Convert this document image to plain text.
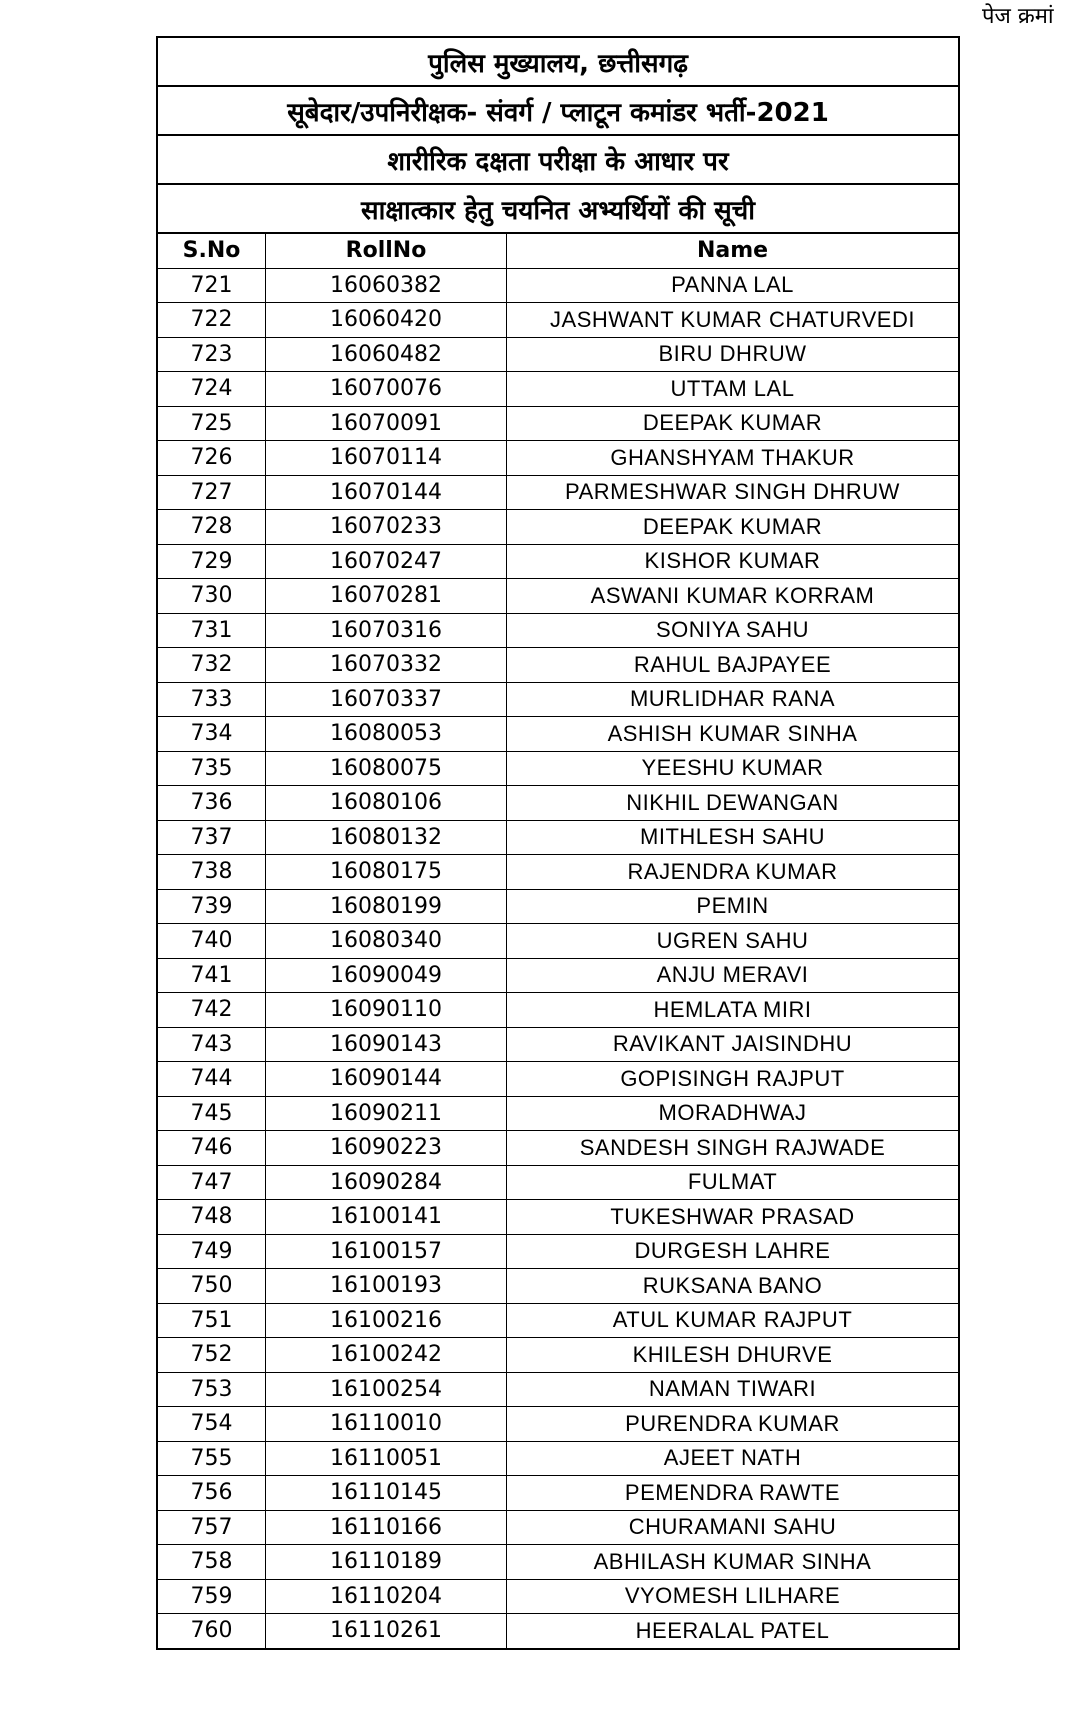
पेज क्रमां
पुलिस मुख्यालय, छत्तीसगढ़
सूबेदार/उपनिरीक्षक- संवर्ग / प्लाटून कमांडर भर्ती-2021
शारीरिक दक्षता परीक्षा के आधार पर
साक्षात्कार हेतु चयनित अभ्यर्थियों की सूची
S.No	RollNo	Name
721	16060382	PANNA LAL
722	16060420	JASHWANT KUMAR CHATURVEDI
723	16060482	BIRU DHRUW
724	16070076	UTTAM LAL
725	16070091	DEEPAK KUMAR
726	16070114	GHANSHYAM THAKUR
727	16070144	PARMESHWAR SINGH DHRUW
728	16070233	DEEPAK KUMAR
729	16070247	KISHOR KUMAR
730	16070281	ASWANI KUMAR KORRAM
731	16070316	SONIYA SAHU
732	16070332	RAHUL BAJPAYEE
733	16070337	MURLIDHAR RANA
734	16080053	ASHISH KUMAR SINHA
735	16080075	YEESHU KUMAR
736	16080106	NIKHIL DEWANGAN
737	16080132	MITHLESH SAHU
738	16080175	RAJENDRA KUMAR
739	16080199	PEMIN
740	16080340	UGREN SAHU
741	16090049	ANJU MERAVI
742	16090110	HEMLATA MIRI
743	16090143	RAVIKANT JAISINDHU
744	16090144	GOPISINGH RAJPUT
745	16090211	MORADHWAJ
746	16090223	SANDESH SINGH RAJWADE
747	16090284	FULMAT
748	16100141	TUKESHWAR PRASAD
749	16100157	DURGESH LAHRE
750	16100193	RUKSANA BANO
751	16100216	ATUL KUMAR RAJPUT
752	16100242	KHILESH DHURVE
753	16100254	NAMAN TIWARI
754	16110010	PURENDRA KUMAR
755	16110051	AJEET NATH
756	16110145	PEMENDRA RAWTE
757	16110166	CHURAMANI SAHU
758	16110189	ABHILASH KUMAR SINHA
759	16110204	VYOMESH LILHARE
760	16110261	HEERALAL PATEL
